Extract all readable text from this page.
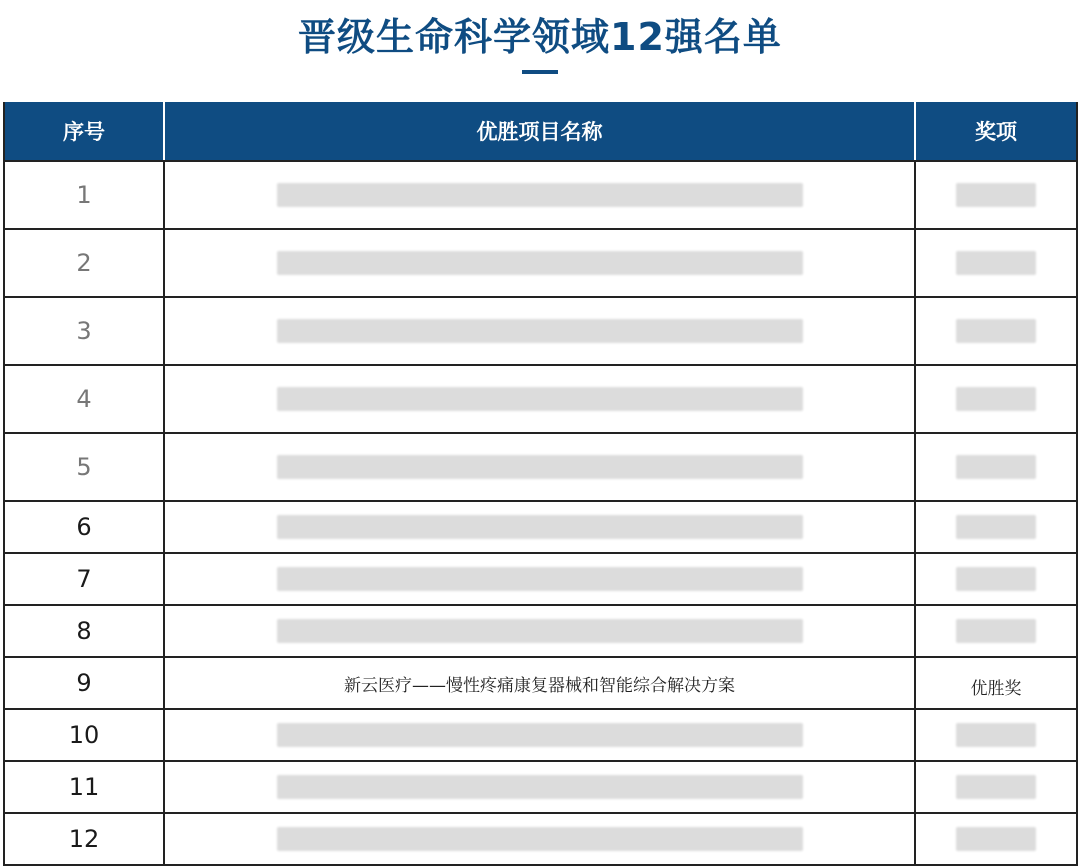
晋级生命科学领域12强名单
序号	优胜项目名称	奖项
1
2
3
4
5
6
7
8
9	新云医疗——慢性疼痛康复器械和智能综合解决方案	优胜奖
10
11
12
